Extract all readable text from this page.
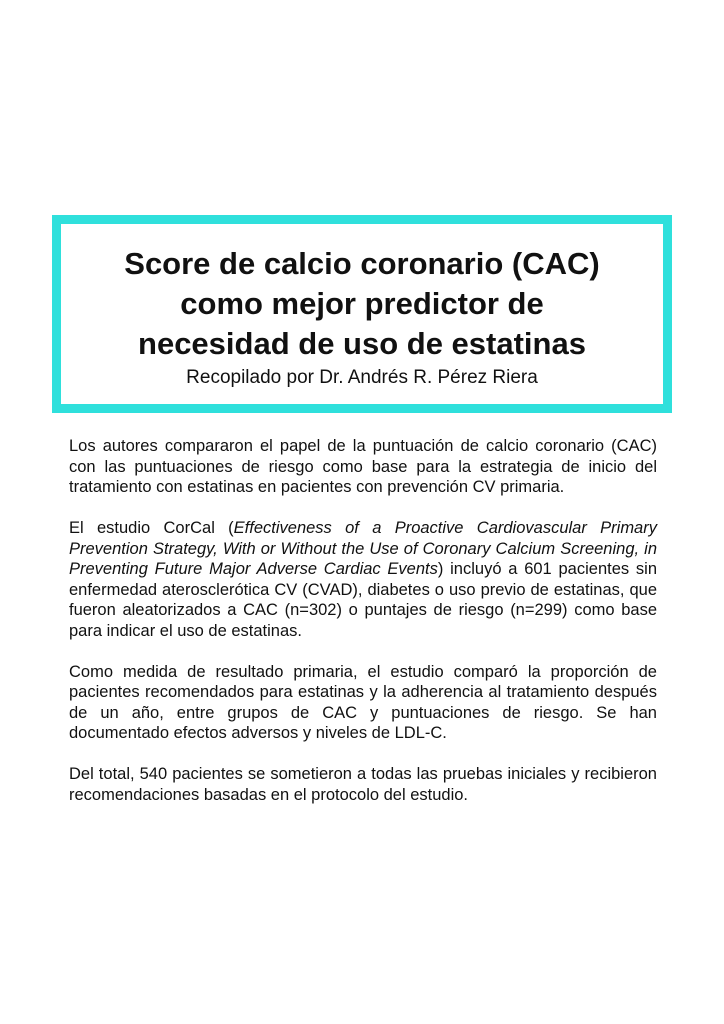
Score de calcio coronario (CAC)
como mejor predictor de
necesidad de uso de estatinas
Recopilado por Dr. Andrés R. Pérez Riera

Los autores compararon el papel de la puntuación de calcio coronario (CAC) con las puntuaciones de riesgo como base para la estrategia de inicio del tratamiento con estatinas en pacientes con prevención CV primaria.

El estudio CorCal (Effectiveness of a Proactive Cardiovascular Primary Prevention Strategy, With or Without the Use of Coronary Calcium Screening, in Preventing Future Major Adverse Cardiac Events) incluyó a 601 pacientes sin enfermedad aterosclerótica CV (CVAD), diabetes o uso previo de estatinas, que fueron aleatorizados a CAC (n=302) o puntajes de riesgo (n=299) como base para indicar el uso de estatinas.

Como medida de resultado primaria, el estudio comparó la proporción de pacientes recomendados para estatinas y la adherencia al tratamiento después de un año, entre grupos de CAC y puntuaciones de riesgo. Se han documentado efectos adversos y niveles de LDL-C.

Del total, 540 pacientes se sometieron a todas las pruebas iniciales y recibieron recomendaciones basadas en el protocolo del estudio.
